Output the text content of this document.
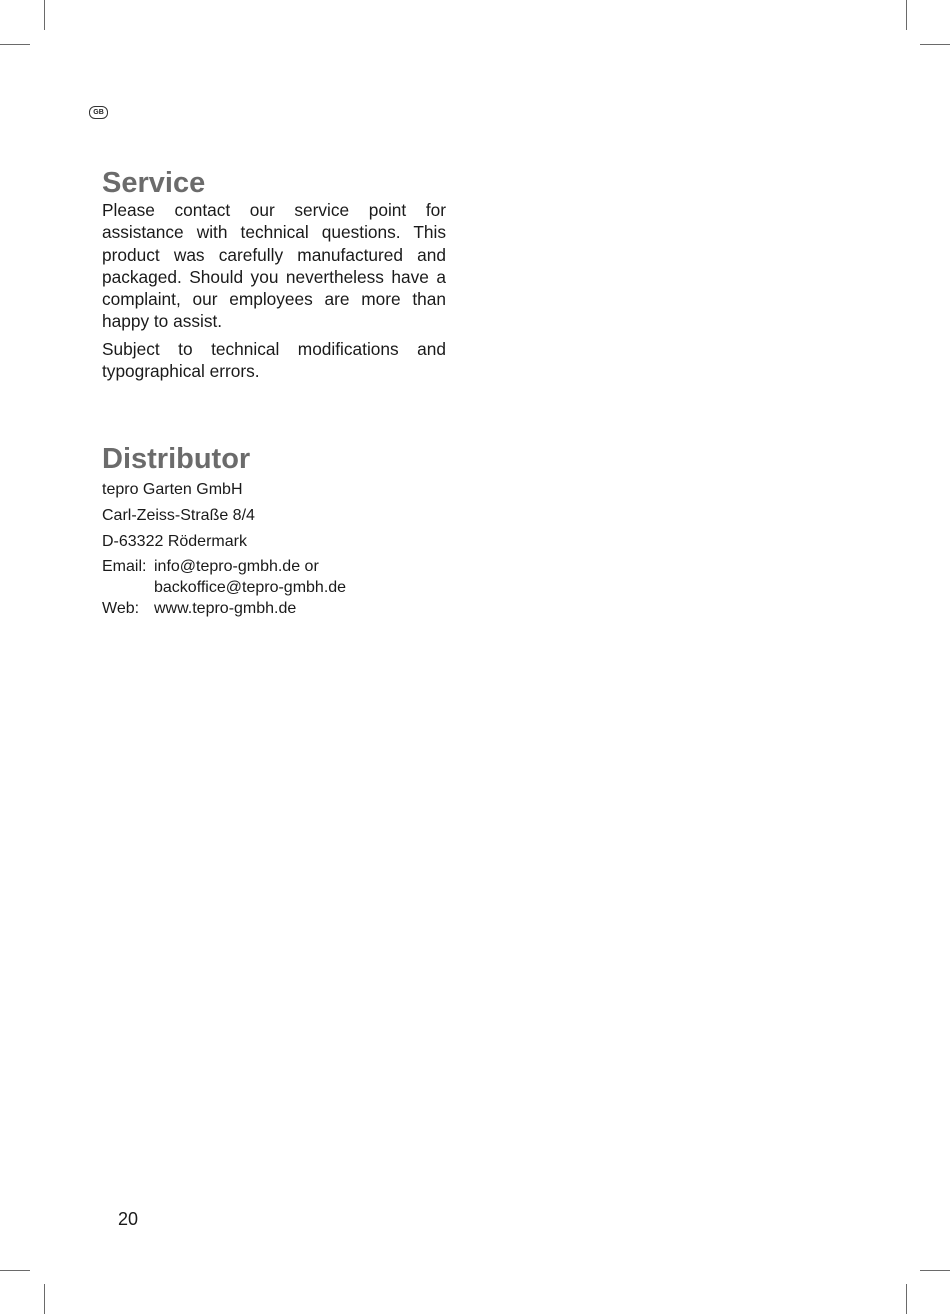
GB
Service

Please contact our service point for assistance with technical questions. This product was carefully manufactured and packaged. Should you nevertheless have a complaint, our employees are more than happy to assist.

Subject to technical modifications and typographical errors.

Distributor

tepro Garten GmbH

Carl-Zeiss-Straße 8/4

D-63322 Rödermark

Email: info@tepro-gmbh.de or
backoffice@tepro-gmbh.de
Web: www.tepro-gmbh.de
20
